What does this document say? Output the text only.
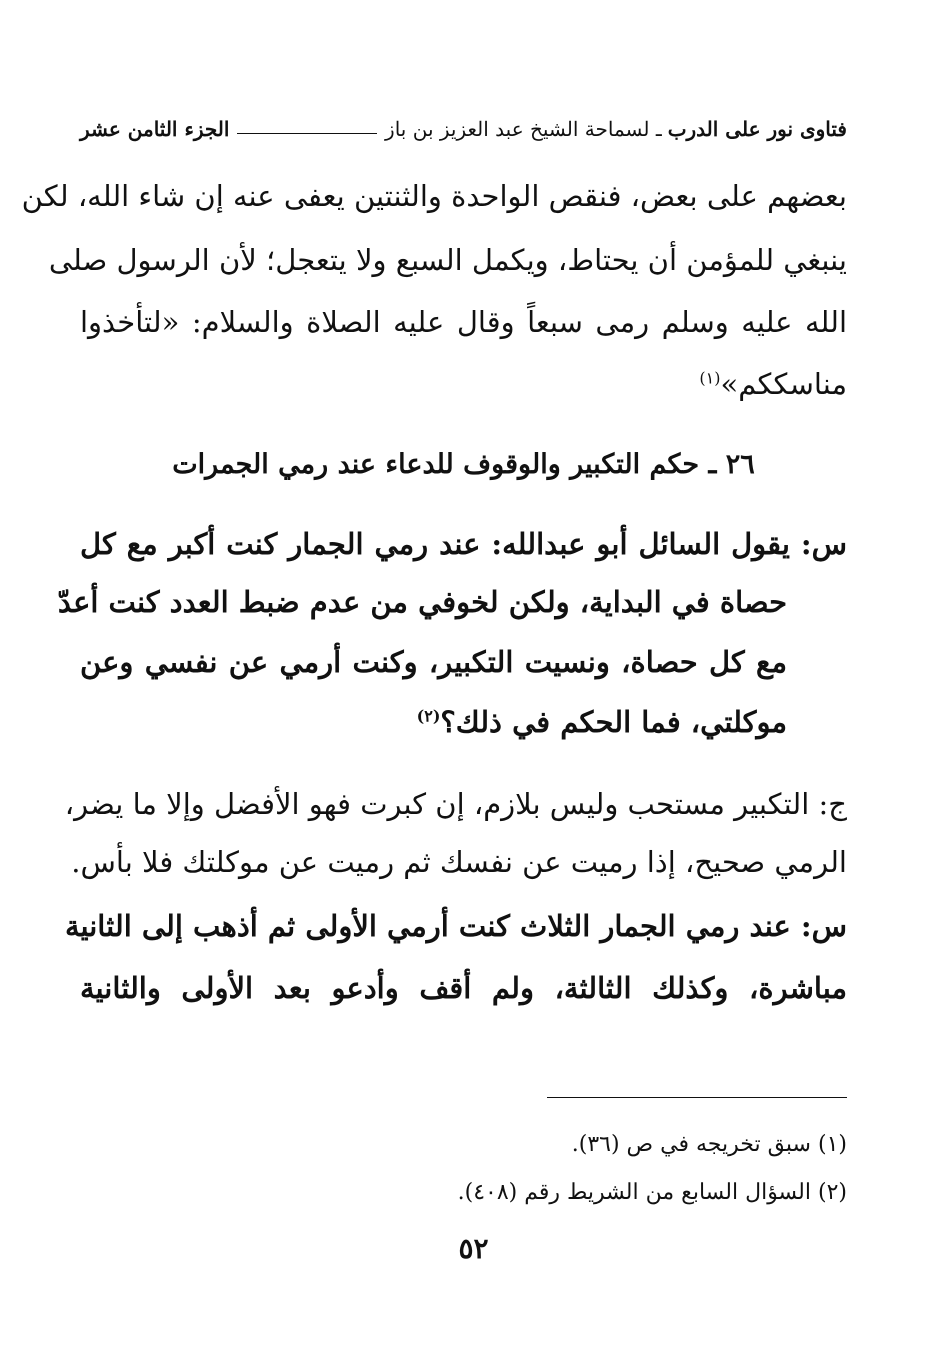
فتاوى نور على الدرب
ـ لسماحة الشيخ عبد العزيز بن باز
الجزء الثامن عشر
بعضهم على بعض، فنقص الواحدة والثنتين يعفى عنه إن شاء الله، لكن
ينبغي للمؤمن أن يحتاط، ويكمل السبع ولا يتعجل؛ لأن الرسول صلى
الله عليه وسلم رمى سبعاً وقال عليه الصلاة والسلام: «لتأخذوا
مناسككم»$^{(١)}$
٢٦ ـ حكم التكبير والوقوف للدعاء عند رمي الجمرات
س: يقول السائل أبو عبدالله: عند رمي الجمار كنت أكبر مع كل
حصاة في البداية، ولكن لخوفي من عدم ضبط العدد كنت أعدّ
مع كل حصاة، ونسيت التكبير، وكنت أرمي عن نفسي وعن
موكلتي، فما الحكم في ذلك؟$^{(٢)}$
ج: التكبير مستحب وليس بلازم، إن كبرت فهو الأفضل وإلا ما يضر،
الرمي صحيح، إذا رميت عن نفسك ثم رميت عن موكلتك فلا بأس.
س: عند رمي الجمار الثلاث كنت أرمي الأولى ثم أذهب إلى الثانية
مباشرة، وكذلك الثالثة، ولم أقف وأدعو بعد الأولى والثانية
(١) سبق تخريجه في ص (٣٦).
(٢) السؤال السابع من الشريط رقم (٤٠٨).
٥٢
